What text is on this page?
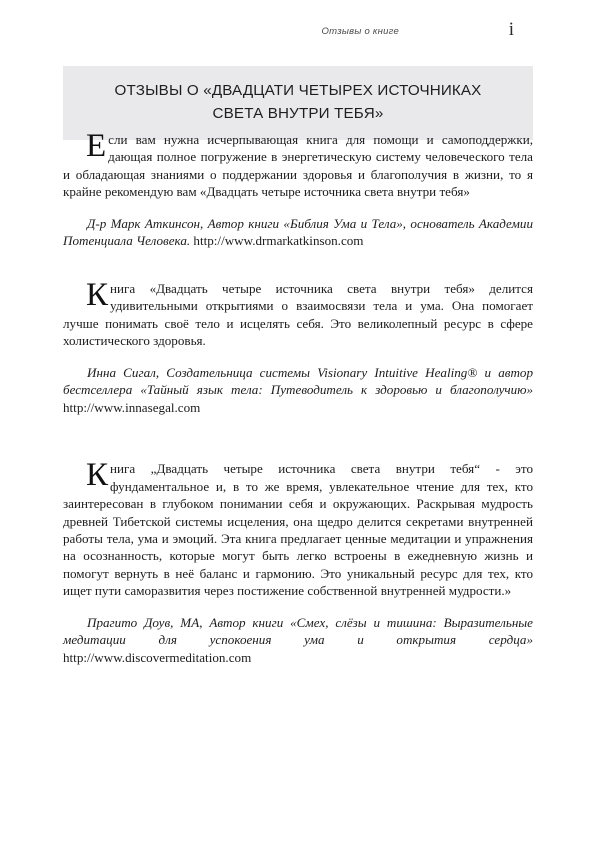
Отзывы о книге	i
ОТЗЫВЫ О «ДВАДЦАТИ ЧЕТЫРЕХ ИСТОЧНИКАХ СВЕТА ВНУТРИ ТЕБЯ»

Если вам нужна исчерпывающая книга для помощи и самоподдержки, дающая полное погружение в энергетическую систему человеческого тела и обладающая знаниями о поддержании здоровья и благополучия в жизни, то я крайне рекомендую вам «Двадцать четыре источника света внутри тебя»

Д-р Марк Аткинсон, Автор книги «Библия Ума и Тела», основатель Академии Потенциала Человека. http://www.drmarkatkinson.com

Книга «Двадцать четыре источника света внутри тебя» делится удивительными открытиями о взаимосвязи тела и ума. Она помогает лучше понимать своё тело и исцелять себя. Это великолепный ресурс в сфере холистического здоровья.

Инна Сигал, Создательница системы Visionary Intuitive Healing® и автор бестселлера «Тайный язык тела: Путеводитель к здоровью и благополучию» http://www.innasegal.com

Книга „Двадцать четыре источника света внутри тебя“ - это фундаментальное и, в то же время, увлекательное чтение для тех, кто заинтересован в глубоком понимании себя и окружающих. Раскрывая мудрость древней Тибетской системы исцеления, она щедро делится секретами внутренней работы тела, ума и эмоций. Эта книга предлагает ценные медитации и упражнения на осознанность, которые могут быть легко встроены в ежедневную жизнь и помогут вернуть в неё баланс и гармонию. Это уникальный ресурс для тех, кто ищет пути саморазвития через постижение собственной внутренней мудрости.»

Прагито Доув, МА, Автор книги «Смех, слёзы и тишина: Выразительные медитации для успокоения ума и открытия сердца» http://www.discovermeditation.com
